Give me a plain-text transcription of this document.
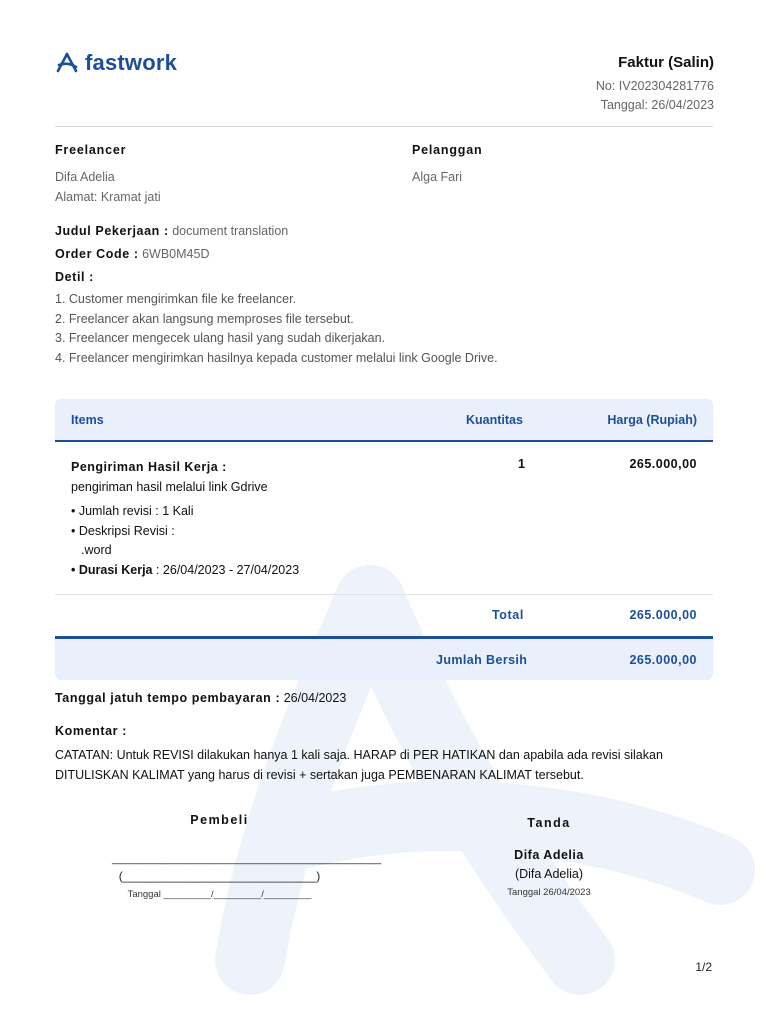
fastwork	Faktur (Salin)
No: IV202304281776
Tanggal: 26/04/2023
Freelancer
Difa Adelia
Alamat: Kramat jati
Pelanggan
Alga Fari
Judul Pekerjaan : document translation
Order Code : 6WB0M45D
Detil :
1. Customer mengirimkan file ke freelancer.
2. Freelancer akan langsung memproses file tersebut.
3. Freelancer mengecek ulang hasil yang sudah dikerjakan.
4. Freelancer mengirimkan hasilnya kepada customer melalui link Google Drive.
Items	Kuantitas	Harga (Rupiah)
Pengiriman Hasil Kerja :
pengiriman hasil melalui link Gdrive
• Jumlah revisi : 1 Kali
• Deskripsi Revisi :
.word
• Durasi Kerja : 26/04/2023 - 27/04/2023
1	265.000,00
Total	265.000,00
Jumlah Bersih	265.000,00
Tanggal jatuh tempo pembayaran : 26/04/2023
Komentar :
CATATAN: Untuk REVISI dilakukan hanya 1 kali saja. HARAP di PER HATIKAN dan apabila ada revisi silakan DITULISKAN KALIMAT yang harus di revisi + sertakan juga PEMBENARAN KALIMAT tersebut.
Pembeli
____________________________________________
(_____________________________)
Tanggal _________/_________/_________
Tanda
Difa Adelia
(Difa Adelia)
Tanggal 26/04/2023
1/2
